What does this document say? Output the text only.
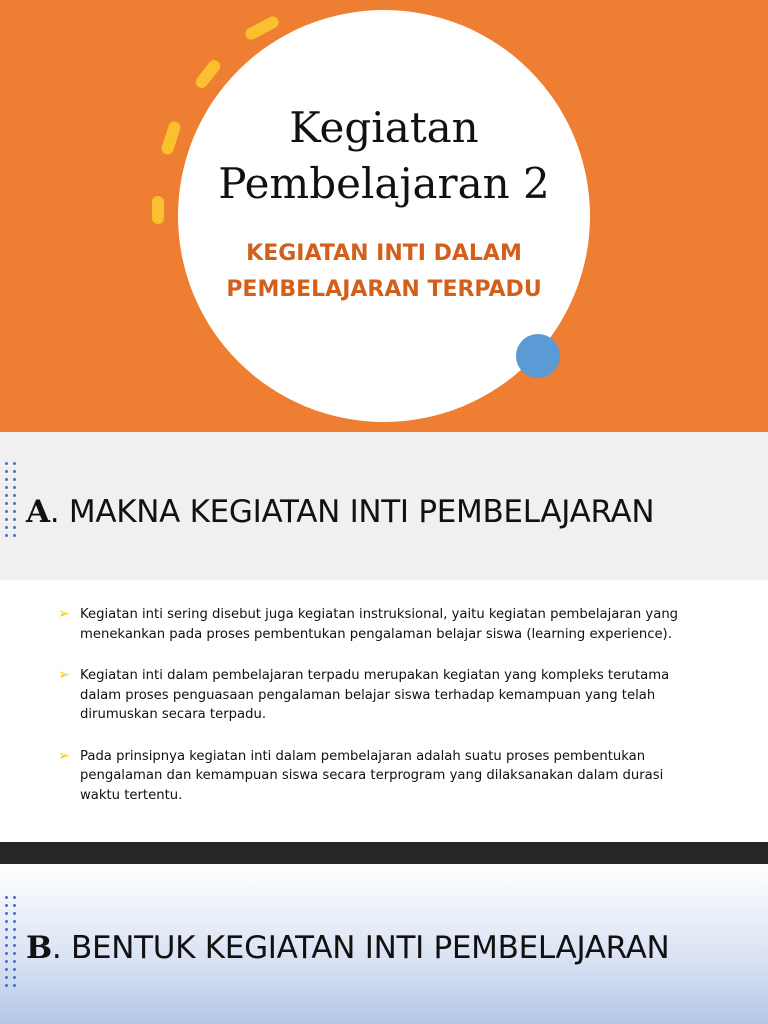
Kegiatan
Pembelajaran 2
KEGIATAN INTI DALAM
PEMBELAJARAN TERPADU
A. MAKNA KEGIATAN INTI PEMBELAJARAN
➢ Kegiatan inti sering disebut juga kegiatan instruksional, yaitu kegiatan pembelajaran yang
menekankan pada proses pembentukan pengalaman belajar siswa (learning experience).
➢ Kegiatan inti dalam pembelajaran terpadu merupakan kegiatan yang kompleks terutama
dalam proses penguasaan pengalaman belajar siswa terhadap kemampuan yang telah
dirumuskan secara terpadu.
➢ Pada prinsipnya kegiatan inti dalam pembelajaran adalah suatu proses pembentukan
pengalaman dan kemampuan siswa secara terprogram yang dilaksanakan dalam durasi
waktu tertentu.
B. BENTUK KEGIATAN INTI PEMBELAJARAN
